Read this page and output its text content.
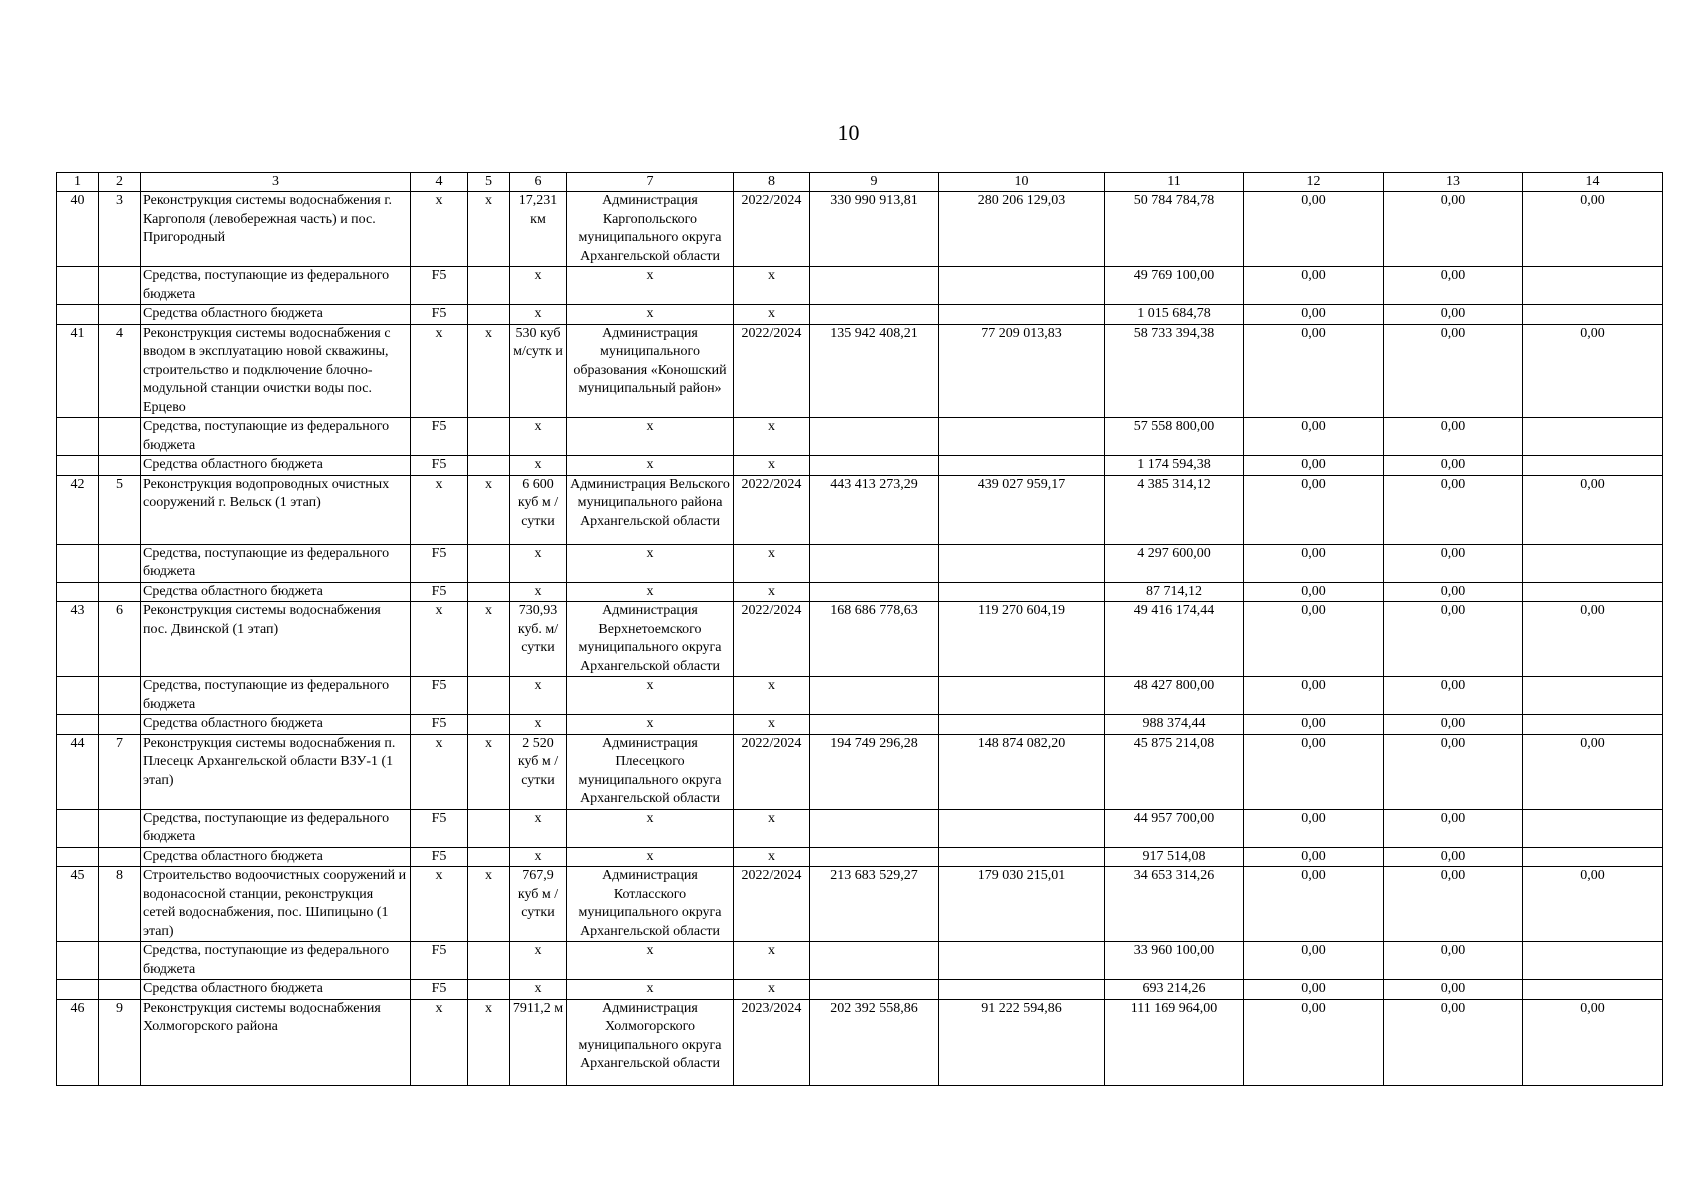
10
1	2	3	4	5	6	7	8	9	10	11	12	13	14
40	3	Реконструкция системы водоснабжения г. Каргополя (левобережная часть) и пос. Пригородный	х	х	17,231 км	Администрация Каргопольского муниципального округа Архангельской области	2022/2024	330 990 913,81	280 206 129,03	50 784 784,78	0,00	0,00	0,00
		Средства, поступающие из федерального бюджета	F5		х	х	х			49 769 100,00	0,00	0,00	
		Средства областного бюджета	F5		х	х	х			1 015 684,78	0,00	0,00	
41	4	Реконструкция системы водоснабжения с вводом в эксплуатацию новой скважины, строительство и подключение блочно-модульной станции очистки воды пос. Ерцево	х	х	530 куб м/сутк и	Администрация муниципального образования «Коношский муниципальный район»	2022/2024	135 942 408,21	77 209 013,83	58 733 394,38	0,00	0,00	0,00
		Средства, поступающие из федерального бюджета	F5		х	х	х			57 558 800,00	0,00	0,00	
		Средства областного бюджета	F5		х	х	х			1 174 594,38	0,00	0,00	
42	5	Реконструкция водопроводных очистных сооружений г. Вельск (1 этап)	х	х	6 600 куб м / сутки	Администрация Вельского муниципального района Архангельской области	2022/2024	443 413 273,29	439 027 959,17	4 385 314,12	0,00	0,00	0,00
		Средства, поступающие из федерального бюджета	F5		х	х	х			4 297 600,00	0,00	0,00	
		Средства областного бюджета	F5		х	х	х			87 714,12	0,00	0,00	
43	6	Реконструкция системы водоснабжения пос. Двинской (1 этап)	х	х	730,93 куб. м/ сутки	Администрация Верхнетоемского муниципального округа Архангельской области	2022/2024	168 686 778,63	119 270 604,19	49 416 174,44	0,00	0,00	0,00
		Средства, поступающие из федерального бюджета	F5		х	х	х			48 427 800,00	0,00	0,00	
		Средства областного бюджета	F5		х	х	х			988 374,44	0,00	0,00	
44	7	Реконструкция системы водоснабжения п. Плесецк Архангельской области ВЗУ-1 (1 этап)	х	х	2 520 куб м / сутки	Администрация Плесецкого муниципального округа Архангельской области	2022/2024	194 749 296,28	148 874 082,20	45 875 214,08	0,00	0,00	0,00
		Средства, поступающие из федерального бюджета	F5		х	х	х			44 957 700,00	0,00	0,00	
		Средства областного бюджета	F5		х	х	х			917 514,08	0,00	0,00	
45	8	Строительство водоочистных сооружений и водонасосной станции, реконструкция сетей водоснабжения, пос. Шипицыно (1 этап)	х	х	767,9 куб м / сутки	Администрация Котласского муниципального округа Архангельской области	2022/2024	213 683 529,27	179 030 215,01	34 653 314,26	0,00	0,00	0,00
		Средства, поступающие из федерального бюджета	F5		х	х	х			33 960 100,00	0,00	0,00	
		Средства областного бюджета	F5		х	х	х			693 214,26	0,00	0,00	
46	9	Реконструкция системы водоснабжения Холмогорского района	х	х	7911,2 м	Администрация Холмогорского муниципального округа Архангельской области	2023/2024	202 392 558,86	91 222 594,86	111 169 964,00	0,00	0,00	0,00
